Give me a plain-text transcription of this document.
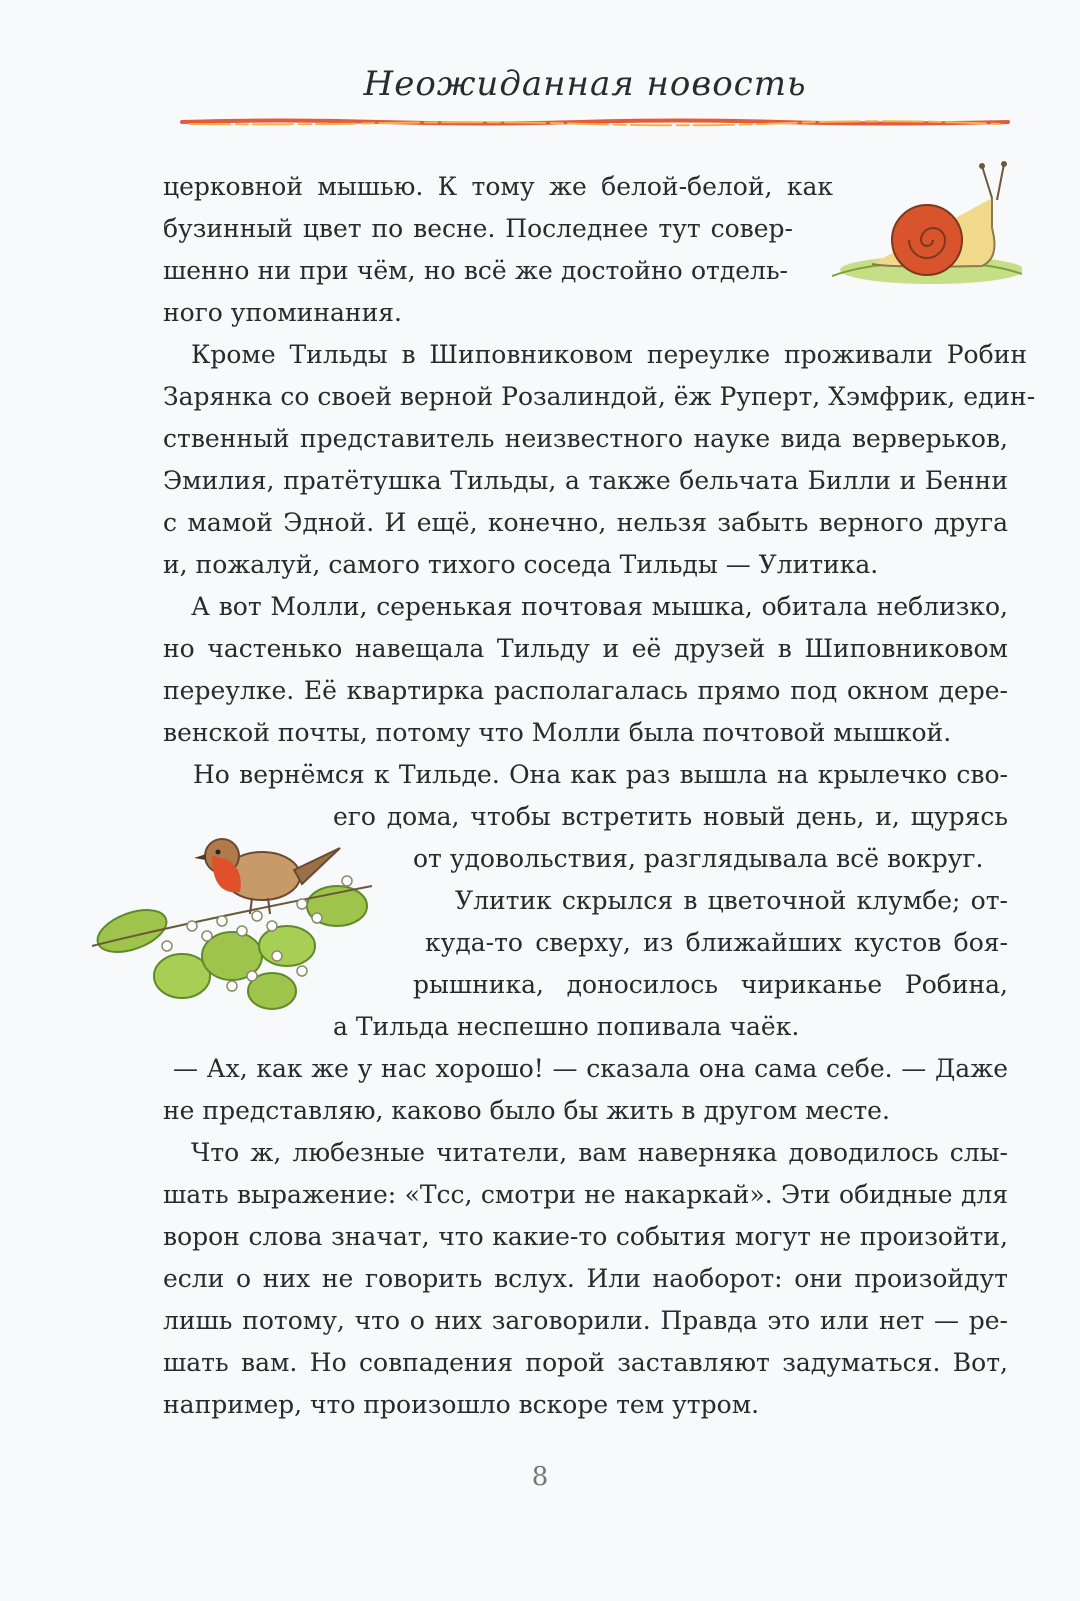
Неожиданная новость
церковной мышью. К тому же белой-белой, как
бузинный цвет по весне. Последнее тут совер-
шенно ни при чём, но всё же достойно отдель-
ного упоминания.
Кроме Тильды в Шиповниковом переулке проживали Робин
Зарянка со своей верной Розалиндой, ёж Руперт, Хэмфрик, един-
ственный представитель неизвестного науке вида верверьков,
Эмилия, пратётушка Тильды, а также бельчата Билли и Бенни
с мамой Эдной. И ещё, конечно, нельзя забыть верного друга
и, пожалуй, самого тихого соседа Тильды — Улитика.
А вот Молли, серенькая почтовая мышка, обитала неблизко,
но частенько навещала Тильду и её друзей в Шиповниковом
переулке. Её квартирка располагалась прямо под окном дере-
венской почты, потому что Молли была почтовой мышкой.
Но вернёмся к Тильде. Она как раз вышла на крылечко сво-
его дома, чтобы встретить новый день, и, щурясь
от удовольствия, разглядывала всё вокруг.
Улитик скрылся в цветочной клумбе; от-
куда-то сверху, из ближайших кустов боя-
рышника, доносилось чириканье Робина,
а Тильда неспешно попивала чаёк.
— Ах, как же у нас хорошо! — сказала она сама себе. — Даже
не представляю, каково было бы жить в другом месте.
Что ж, любезные читатели, вам наверняка доводилось слы-
шать выражение: «Тсс, смотри не накаркай». Эти обидные для
ворон слова значат, что какие-то события могут не произойти,
если о них не говорить вслух. Или наоборот: они произойдут
лишь потому, что о них заговорили. Правда это или нет — ре-
шать вам. Но совпадения порой заставляют задуматься. Вот,
например, что произошло вскоре тем утром.
8
